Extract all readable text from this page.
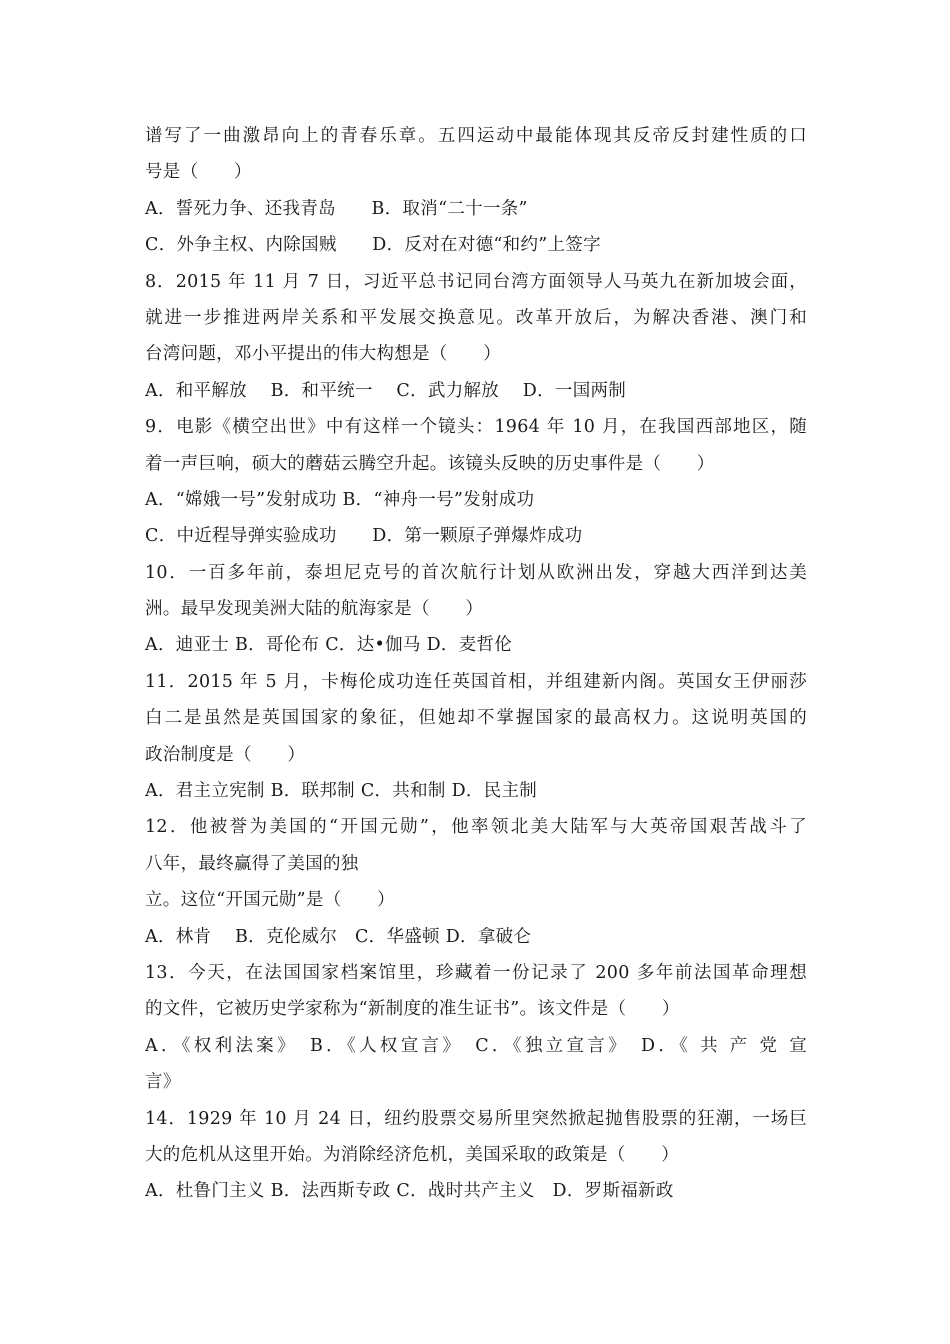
谱写了一曲激昂向上的青春乐章。五四运动中最能体现其反帝反封建性质的口
号是（　　）
A．誓死力争、还我青岛　　B．取消“二十一条”
C．外争主权、内除国贼　　D．反对在对德“和约”上签字
8．2015 年 11 月 7 日，习近平总书记同台湾方面领导人马英九在新加坡会面，
就进一步推进两岸关系和平发展交换意见。改革开放后，为解决香港、澳门和
台湾问题，邓小平提出的伟大构想是（　　）
A．和平解放　 B．和平统一　 C．武力解放　 D．一国两制
9．电影《横空出世》中有这样一个镜头：1964 年 10 月，在我国西部地区，随
着一声巨响，硕大的蘑菇云腾空升起。该镜头反映的历史事件是（　　）
A．“嫦娥一号”发射成功 B．“神舟一号”发射成功
C．中近程导弹实验成功　　D．第一颗原子弹爆炸成功
10．一百多年前，泰坦尼克号的首次航行计划从欧洲出发，穿越大西洋到达美
洲。最早发现美洲大陆的航海家是（　　）
A．迪亚士 B．哥伦布 C．达•伽马 D．麦哲伦
11．2015 年 5 月，卡梅伦成功连任英国首相，并组建新内阁。英国女王伊丽莎
白二是虽然是英国国家的象征，但她却不掌握国家的最高权力。这说明英国的
政治制度是（　　）
A．君主立宪制 B．联邦制 C．共和制 D．民主制
12．他被誉为美国的“开国元勋”，他率领北美大陆军与大英帝国艰苦战斗了
八年，最终赢得了美国的独
立。这位“开国元勋”是（　　）
A．林肯　 B．克伦威尔　C．华盛顿 D．拿破仑
13．今天，在法国国家档案馆里，珍藏着一份记录了 200 多年前法国革命理想
的文件，它被历史学家称为“新制度的准生证书”。该文件是（　　）
A．《权利法案》　B．《人权宣言》　C．《独立宣言》　D．《 共 产 党 宣
言》
14．1929 年 10 月 24 日，纽约股票交易所里突然掀起抛售股票的狂潮，一场巨
大的危机从这里开始。为消除经济危机，美国采取的政策是（　　）
A．杜鲁门主义 B．法西斯专政 C．战时共产主义　D．罗斯福新政
